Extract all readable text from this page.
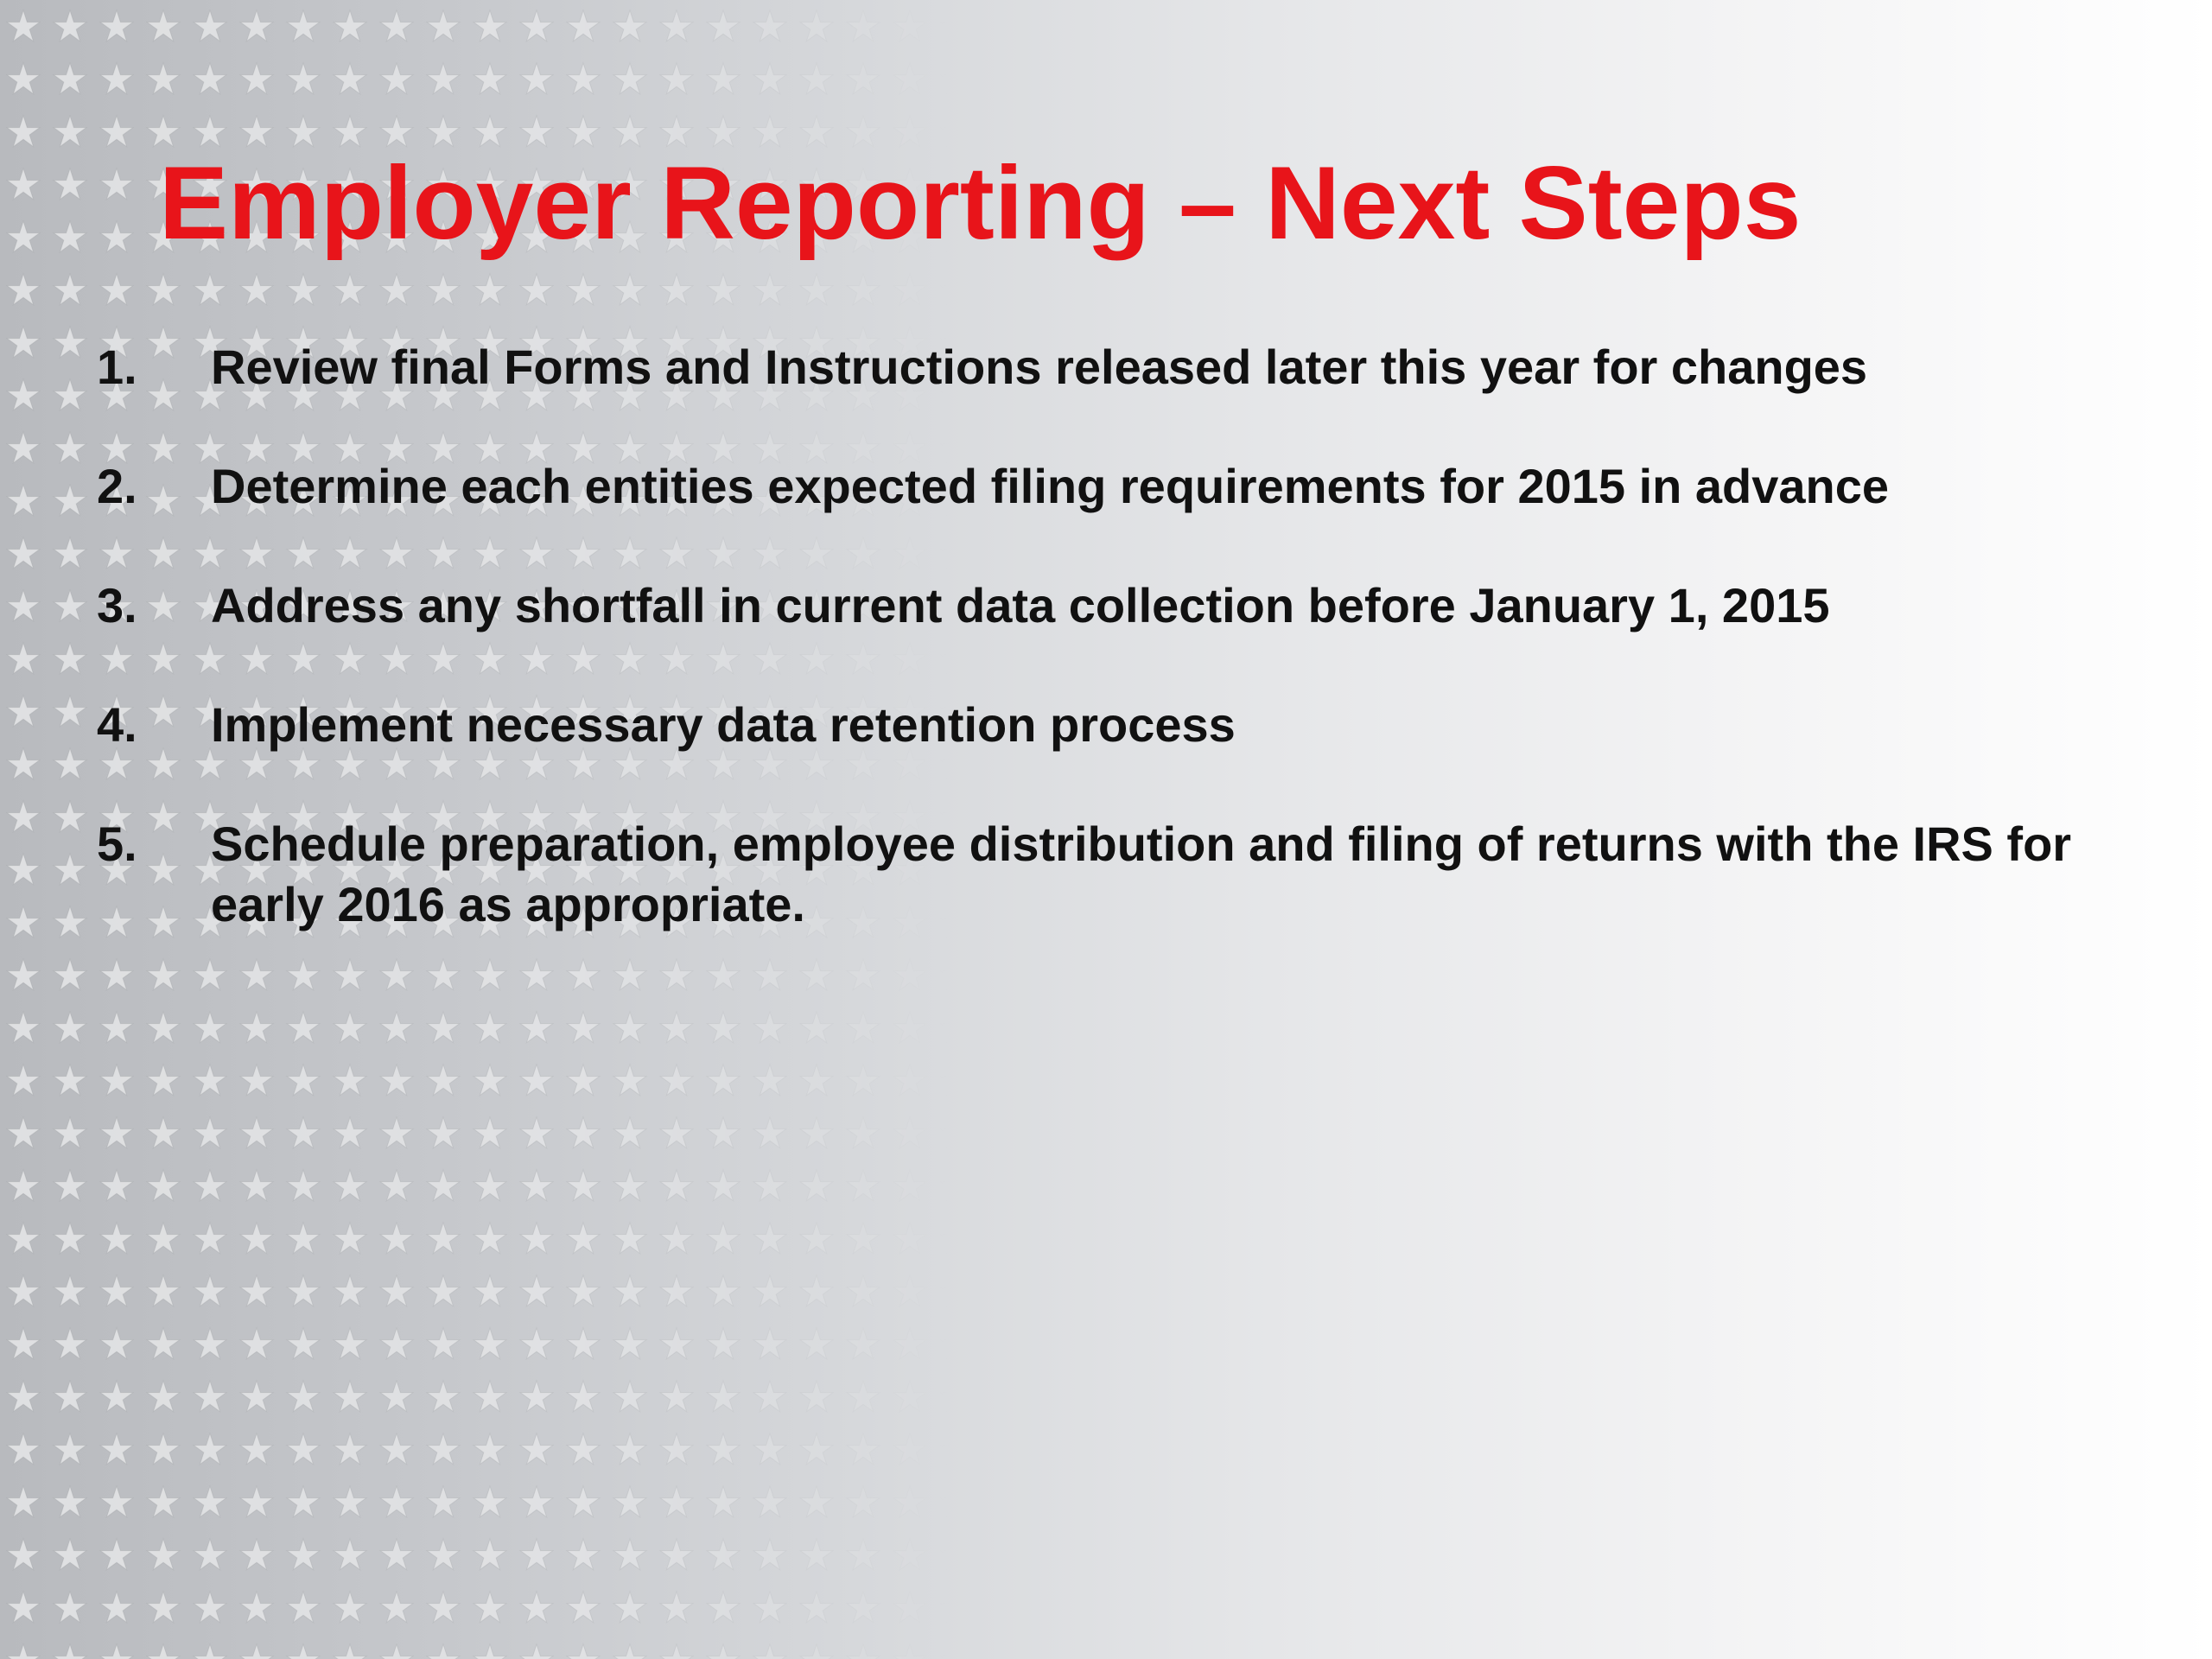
Employer Reporting – Next Steps
1. Review final Forms and Instructions released later this year for changes
2. Determine each entities expected filing requirements for 2015 in advance
3. Address any shortfall in current data collection before January 1, 2015
4. Implement necessary data retention process
5. Schedule preparation, employee distribution and filing of returns with the IRS for early 2016 as appropriate.
